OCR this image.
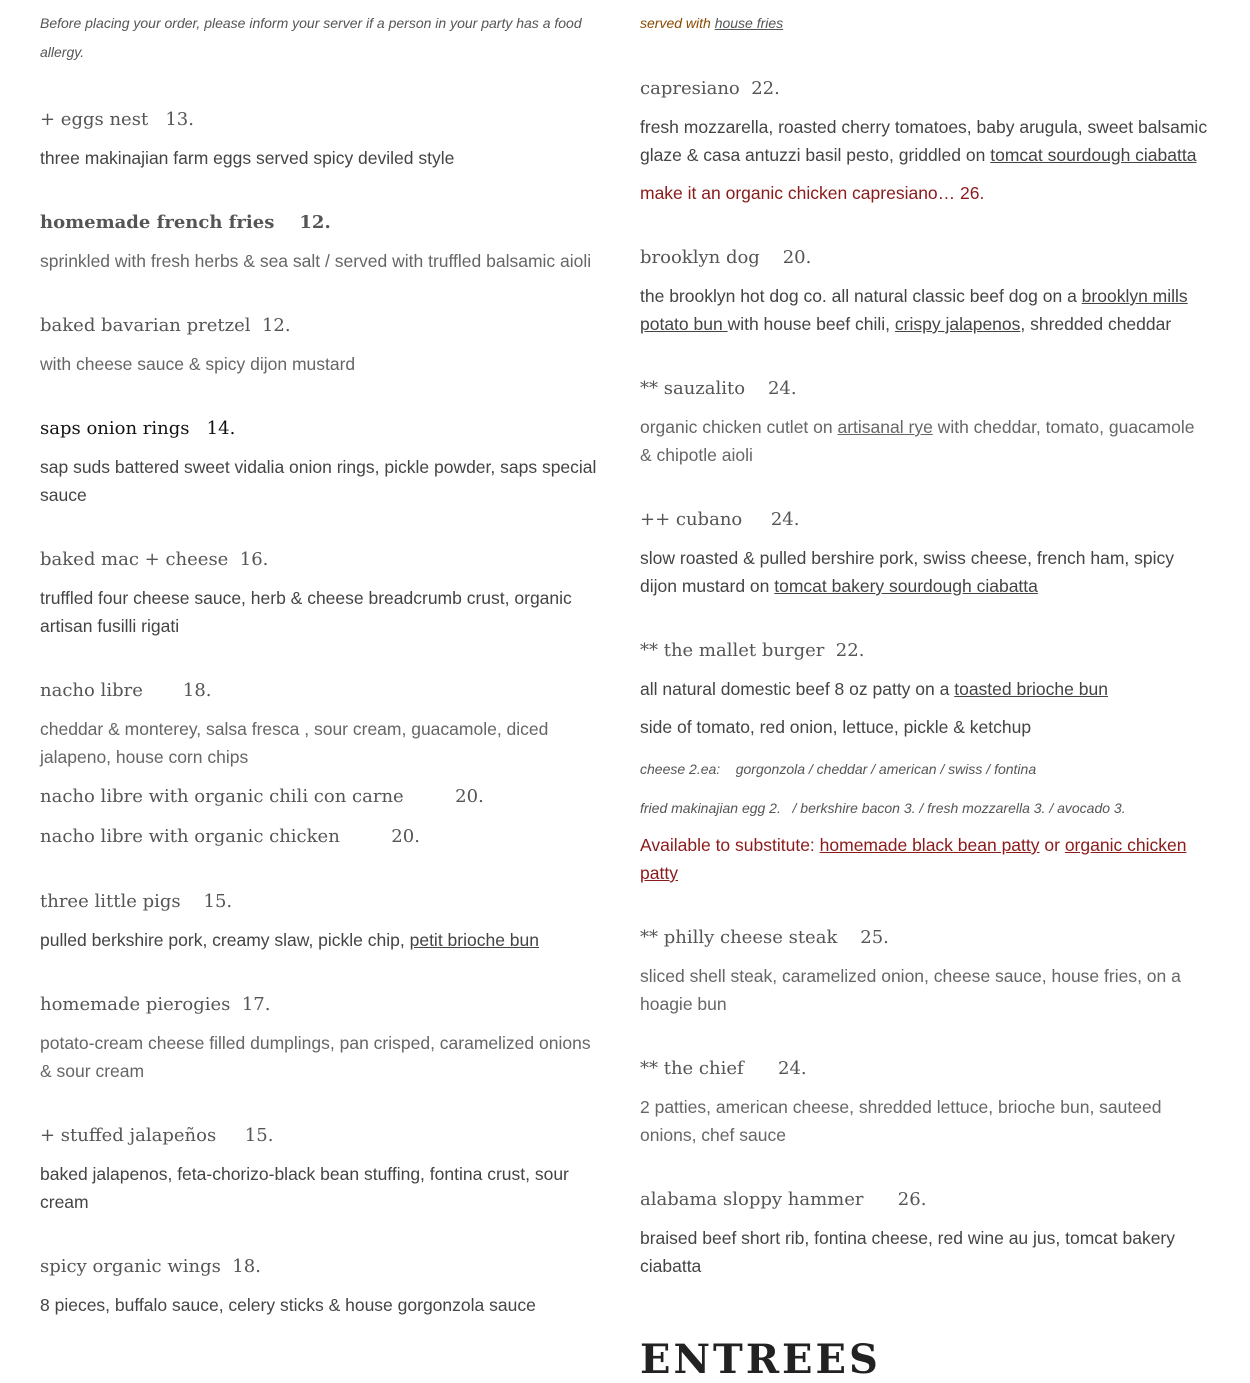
Before placing your order, please inform your server if a person in your party has a food allergy.

+ eggs nest   13.

three makinajian farm eggs served spicy deviled style

homemade french fries    12.

sprinkled with fresh herbs & sea salt / served with truffled balsamic aioli

baked bavarian pretzel  12.

with cheese sauce & spicy dijon mustard

saps onion rings   14.

sap suds battered sweet vidalia onion rings, pickle powder, saps special sauce

baked mac + cheese  16.

truffled four cheese sauce, herb & cheese breadcrumb crust, organic artisan fusilli rigati

nacho libre       18.

cheddar & monterey, salsa fresca , sour cream, guacamole, diced jalapeno, house corn chips

nacho libre with organic chili con carne         20.

nacho libre with organic chicken         20.

three little pigs    15.

pulled berkshire pork, creamy slaw, pickle chip, petit brioche bun

homemade pierogies  17.

potato-cream cheese filled dumplings, pan crisped, caramelized onions & sour cream

+ stuffed jalapeños     15.

baked jalapenos, feta-chorizo-black bean stuffing, fontina crust, sour cream

spicy organic wings  18.

8 pieces, buffalo sauce, celery sticks & house gorgonzola sauce

served with house fries

capresiano  22.

fresh mozzarella, roasted cherry tomatoes, baby arugula, sweet balsamic glaze & casa antuzzi basil pesto, griddled on tomcat sourdough ciabatta

make it an organic chicken capresiano… 26.

brooklyn dog    20.

the brooklyn hot dog co. all natural classic beef dog on a brooklyn mills potato bun with house beef chili, crispy jalapenos, shredded cheddar

** sauzalito    24.

organic chicken cutlet on artisanal rye with cheddar, tomato, guacamole & chipotle aioli

++ cubano     24.

slow roasted & pulled bershire pork, swiss cheese, french ham, spicy dijon mustard on tomcat bakery sourdough ciabatta

** the mallet burger  22.

all natural domestic beef 8 oz patty on a toasted brioche bun

side of tomato, red onion, lettuce, pickle & ketchup

cheese 2.ea:    gorgonzola / cheddar / american / swiss / fontina

fried makinajian egg 2.   / berkshire bacon 3. / fresh mozzarella 3. / avocado 3.

Available to substitute: homemade black bean patty or organic chicken patty

** philly cheese steak    25.

sliced shell steak, caramelized onion, cheese sauce, house fries, on a hoagie bun

** the chief      24.

2 patties, american cheese, shredded lettuce, brioche bun, sauteed onions, chef sauce

alabama sloppy hammer      26.

braised beef short rib, fontina cheese, red wine au jus, tomcat bakery ciabatta

ENTREES
